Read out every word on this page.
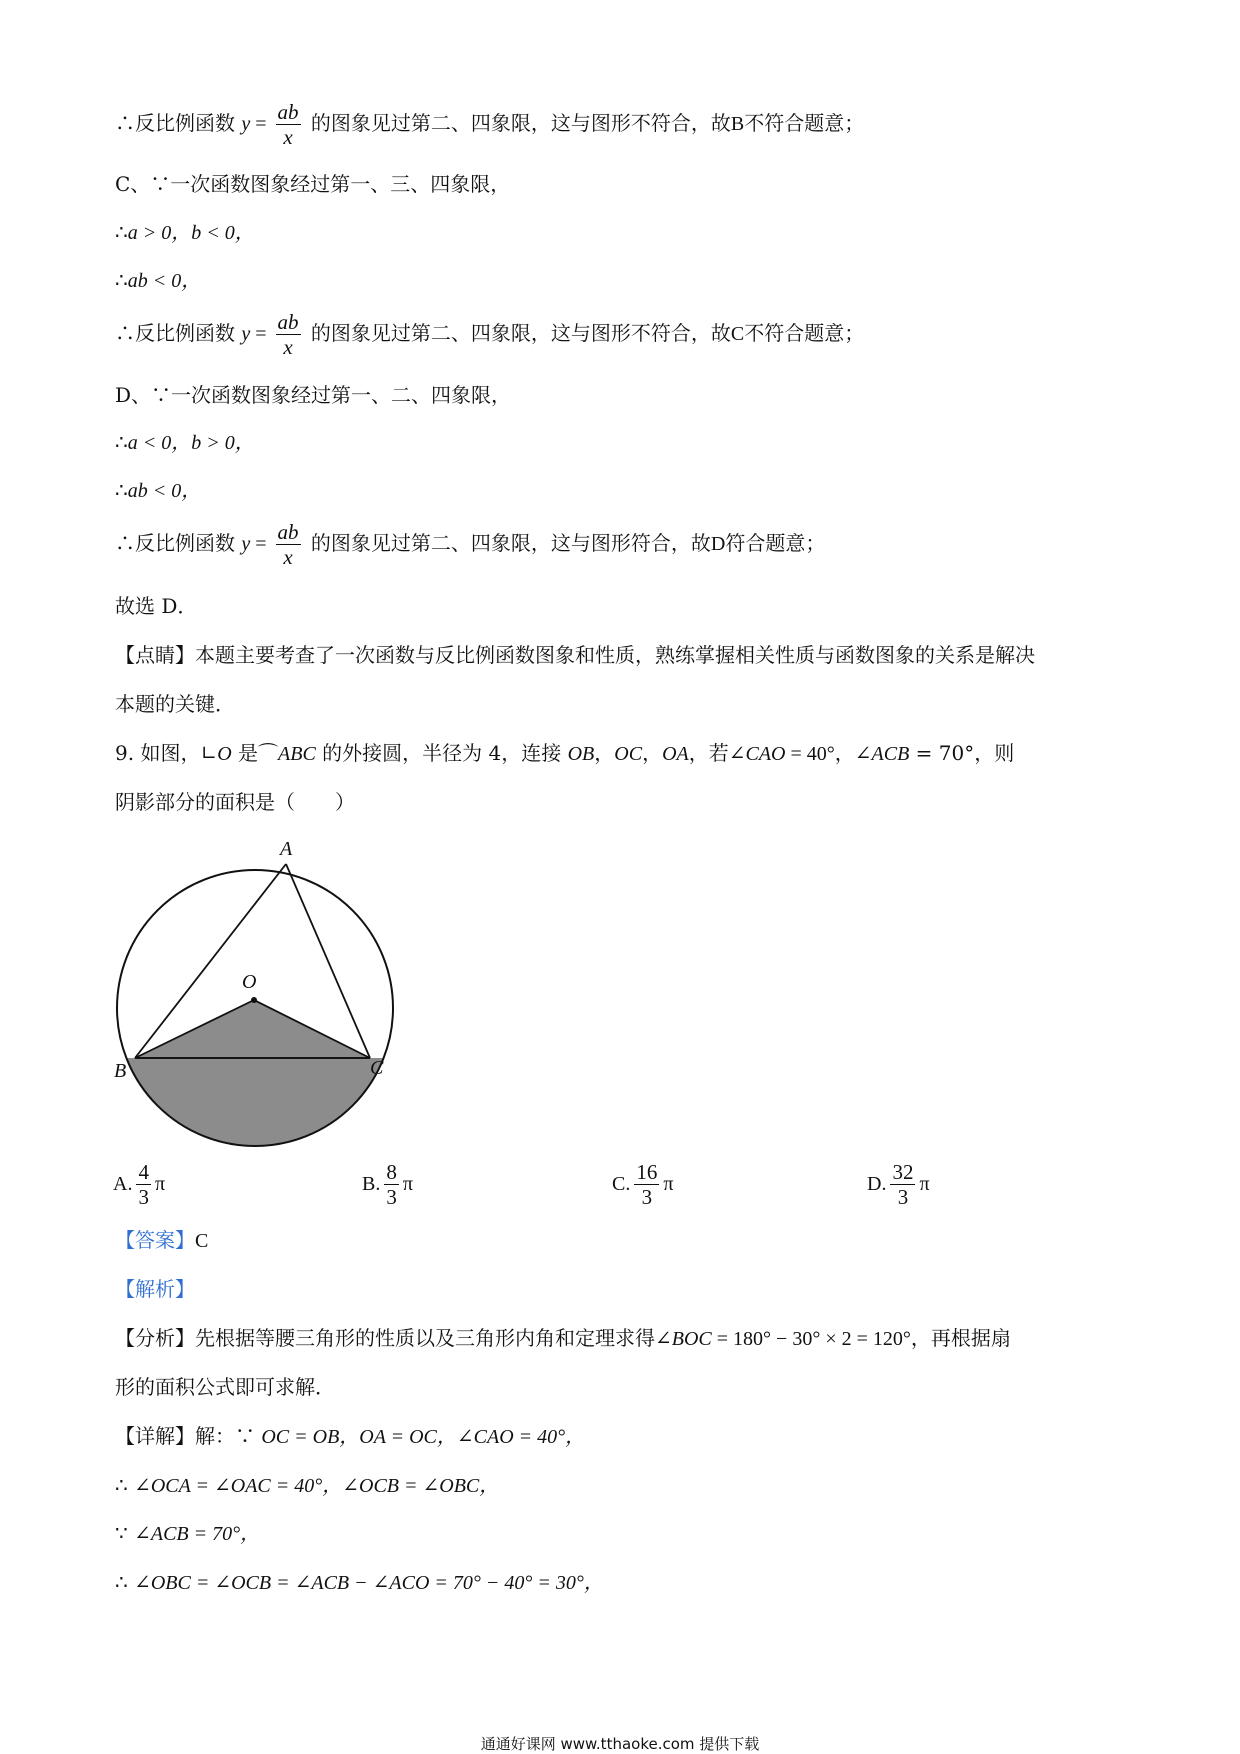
∴反比例函数 $y = \frac{ab}{x}$ 的图象见过第二、四象限，这与图形不符合，故B不符合题意；
C、∵一次函数图象经过第一、三、四象限，
∴a > 0，b < 0，
∴ab < 0，
∴反比例函数 $y = \frac{ab}{x}$ 的图象见过第二、四象限，这与图形不符合，故C不符合题意；
D、∵一次函数图象经过第一、二、四象限，
∴a < 0，b > 0，
∴ab < 0，
∴反比例函数 $y = \frac{ab}{x}$ 的图象见过第二、四象限，这与图形符合，故D符合题意；
故选 D．
【点睛】本题主要考查了一次函数与反比例函数图象和性质，熟练掌握相关性质与函数图象的关系是解决
本题的关键．
9. 如图，∟O 是⌒ABC 的外接圆，半径为 4，连接 OB，OC，OA，若∠CAO = 40°，∠ACB = 70°，则
阴影部分的面积是（　　）
A
O
B	C
A. $\frac{4}{3}$ π	B. $\frac{8}{3}$ π	C. $\frac{16}{3}$ π	D. $\frac{32}{3}$ π
【答案】C
【解析】
【分析】先根据等腰三角形的性质以及三角形内角和定理求得∠BOC = 180° − 30° × 2 = 120°，再根据扇
形的面积公式即可求解．
【详解】解：∵ OC = OB，OA = OC，∠CAO = 40°，
∴ ∠OCA = ∠OAC = 40°，∠OCB = ∠OBC，
∵ ∠ACB = 70°，
∴ ∠OBC = ∠OCB = ∠ACB − ∠ACO = 70° − 40° = 30°，
通通好课网 www.tthaoke.com 提供下载
